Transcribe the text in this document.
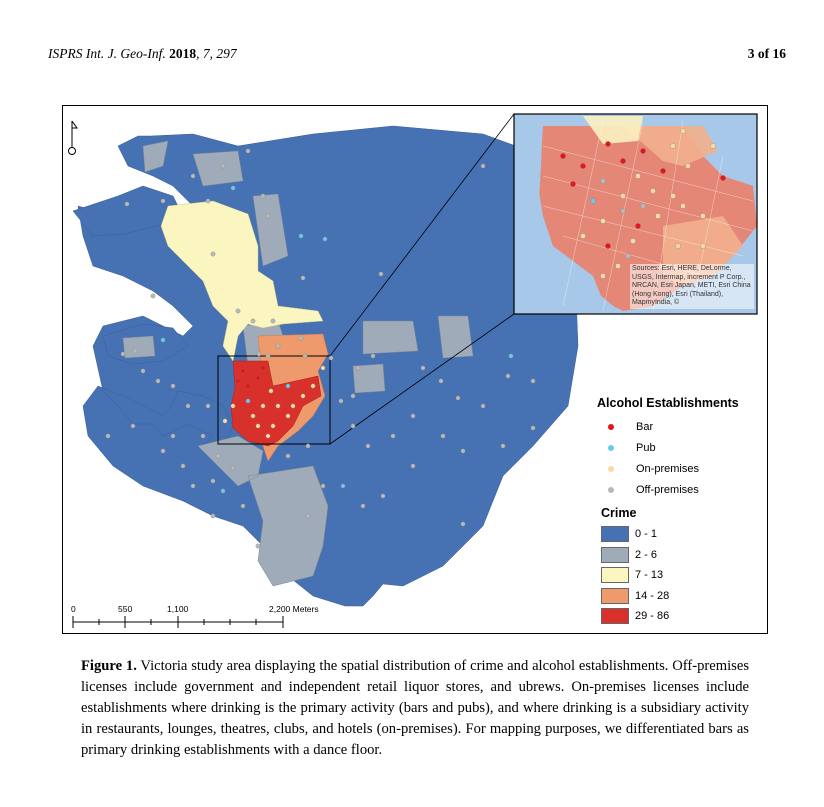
ISPRS Int. J. Geo-Inf. 2018, 7, 297	3 of 16
Sources: Esri, HERE, DeLorme, USGS, Intermap, increment P Corp., NRCAN, Esri Japan, METI, Esri China (Hong Kong), Esri (Thailand), MapmyIndia, ©
Alcohol Establishments
Bar
Pub
On-premises
Off-premises
Crime
0 - 1
2 - 6
7 - 13
14 - 28
29 - 86
0	550	1,100	2,200 Meters
Figure 1. Victoria study area displaying the spatial distribution of crime and alcohol establishments. Off-premises licenses include government and independent retail liquor stores, and ubrews. On-premises licenses include establishments where drinking is the primary activity (bars and pubs), and where drinking is a subsidiary activity in restaurants, lounges, theatres, clubs, and hotels (on-premises). For mapping purposes, we differentiated bars as primary drinking establishments with a dance floor.
